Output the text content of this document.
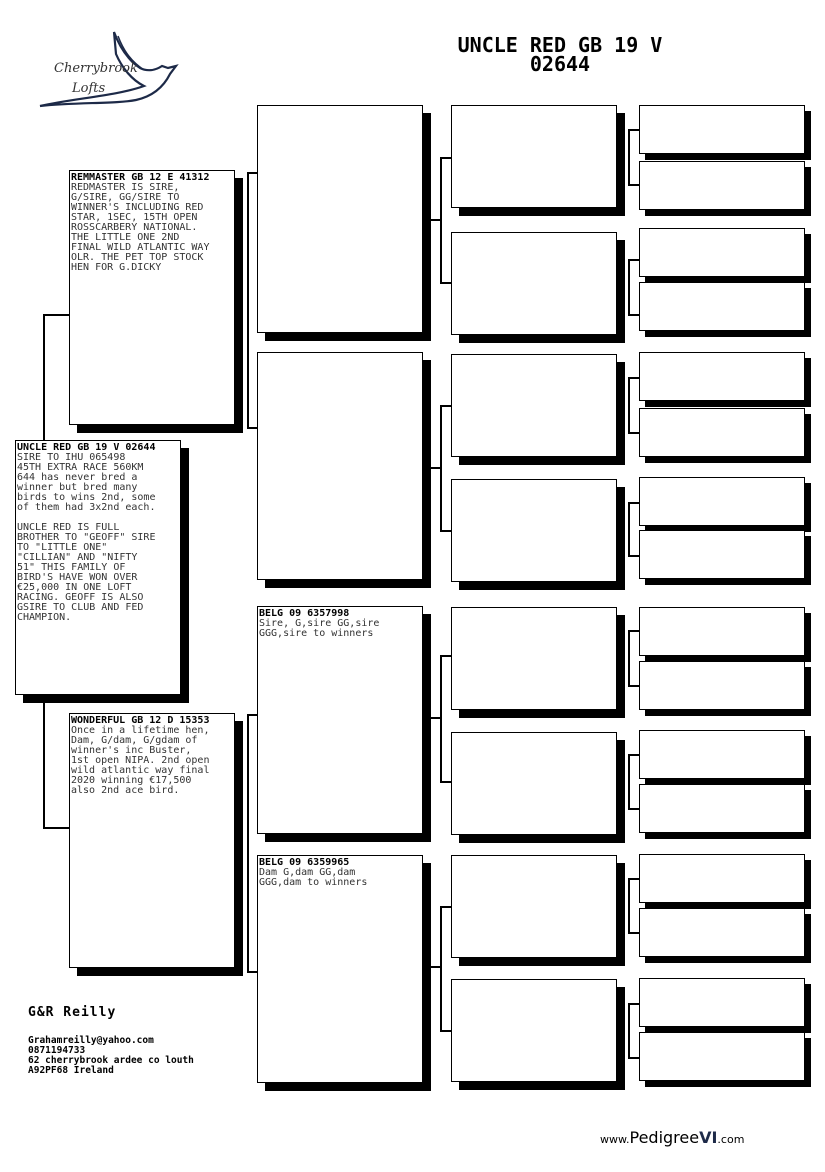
Cherrybrook
Lofts
UNCLE RED GB 19 V
02644
UNCLE RED GB 19 V 02644
SIRE TO IHU 065498
45TH EXTRA RACE 560KM
644 has never bred a
winner but bred many
birds to wins 2nd, some
of them had 3x2nd each.

UNCLE RED IS FULL
BROTHER TO "GEOFF" SIRE
TO "LITTLE ONE"
"CILLIAN" AND "NIFTY
51" THIS FAMILY OF
BIRD'S HAVE WON OVER
€25,000 IN ONE LOFT
RACING. GEOFF IS ALSO
GSIRE TO CLUB AND FED
CHAMPION.
REMMASTER GB 12 E 41312
REDMASTER IS SIRE,
G/SIRE, GG/SIRE TO
WINNER'S INCLUDING RED
STAR, 1SEC, 15TH OPEN
ROSSCARBERY NATIONAL.
THE LITTLE ONE 2ND
FINAL WILD ATLANTIC WAY
OLR. THE PET TOP STOCK
HEN FOR G.DICKY
WONDERFUL GB 12 D 15353
Once in a lifetime hen,
Dam, G/dam, G/gdam of
winner's inc Buster,
1st open NIPA. 2nd open
wild atlantic way final
2020 winning €17,500
also 2nd ace bird.
BELG 09 6357998
Sire, G,sire GG,sire
GGG,sire to winners
BELG 09 6359965
Dam G,dam GG,dam
GGG,dam to winners
G&R Reilly
Grahamreilly@yahoo.com
0871194733
62 cherrybrook ardee co louth
A92PF68 Ireland
www.PedigreeVI.com
